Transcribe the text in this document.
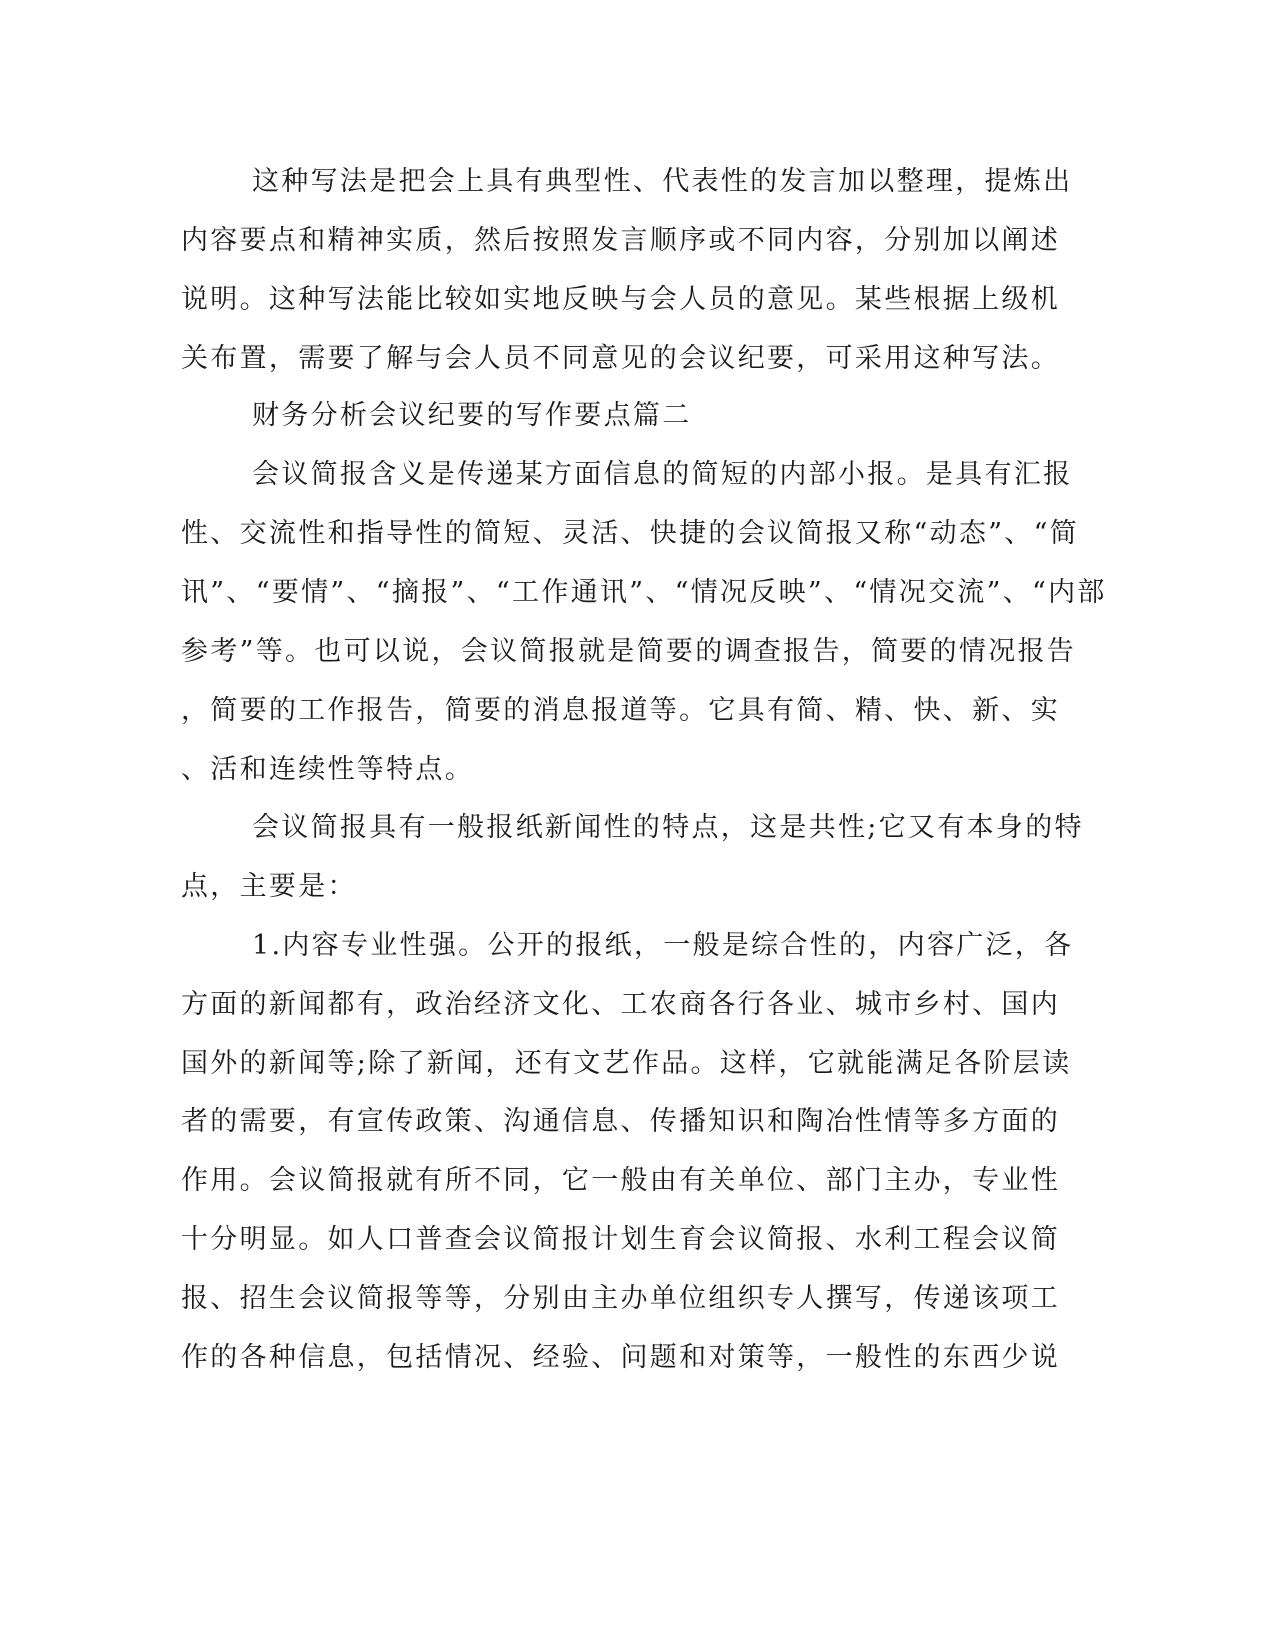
这种写法是把会上具有典型性、代表性的发言加以整理，提炼出
内容要点和精神实质，然后按照发言顺序或不同内容，分别加以阐述
说明。这种写法能比较如实地反映与会人员的意见。某些根据上级机
关布置，需要了解与会人员不同意见的会议纪要，可采用这种写法。
财务分析会议纪要的写作要点篇二
会议简报含义是传递某方面信息的简短的内部小报。是具有汇报
性、交流性和指导性的简短、灵活、快捷的会议简报又称“动态”、“简
讯”、“要情”、“摘报”、“工作通讯”、“情况反映”、“情况交流”、“内部
参考”等。也可以说，会议简报就是简要的调查报告，简要的情况报告
，简要的工作报告，简要的消息报道等。它具有简、精、快、新、实
、活和连续性等特点。
会议简报具有一般报纸新闻性的特点，这是共性;它又有本身的特
点，主要是：
1.内容专业性强。公开的报纸，一般是综合性的，内容广泛，各
方面的新闻都有，政治经济文化、工农商各行各业、城市乡村、国内
国外的新闻等;除了新闻，还有文艺作品。这样，它就能满足各阶层读
者的需要，有宣传政策、沟通信息、传播知识和陶冶性情等多方面的
作用。会议简报就有所不同，它一般由有关单位、部门主办，专业性
十分明显。如人口普查会议简报计划生育会议简报、水利工程会议简
报、招生会议简报等等，分别由主办单位组织专人撰写，传递该项工
作的各种信息，包括情况、经验、问题和对策等，一般性的东西少说
